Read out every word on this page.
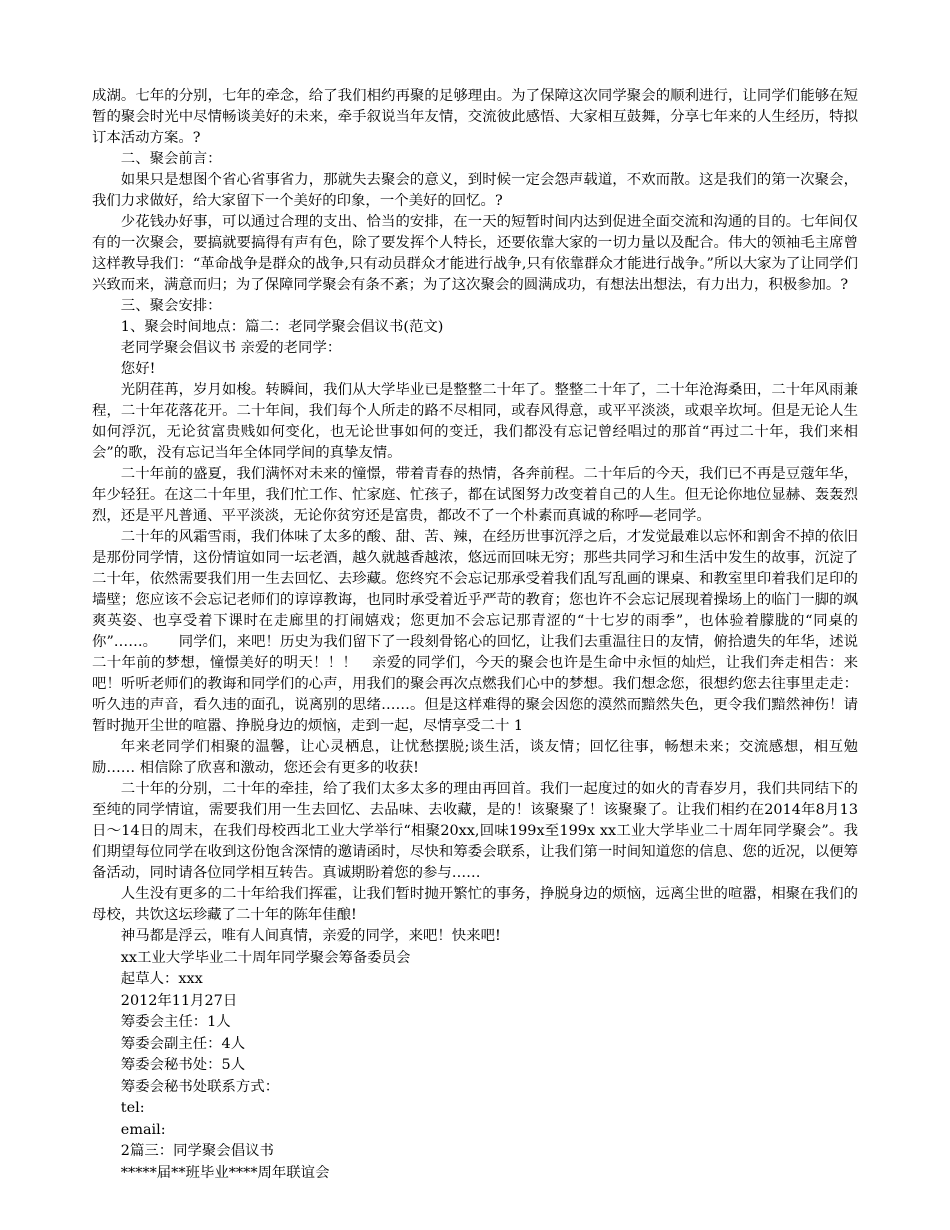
成湖。七年的分别，七年的牵念，给了我们相约再聚的足够理由。为了保障这次同学聚会的顺利进行，让同学们能够在短暂的聚会时光中尽情畅谈美好的未来，牵手叙说当年友情，交流彼此感悟、大家相互鼓舞，分享七年来的人生经历，特拟订本活动方案。?

二、聚会前言：

如果只是想图个省心省事省力，那就失去聚会的意义，到时候一定会怨声载道，不欢而散。这是我们的第一次聚会，我们力求做好，给大家留下一个美好的印象，一个美好的回忆。?

少花钱办好事，可以通过合理的支出、恰当的安排，在一天的短暂时间内达到促进全面交流和沟通的目的。七年间仅有的一次聚会，要搞就要搞得有声有色，除了要发挥个人特长，还要依靠大家的一切力量以及配合。伟大的领袖毛主席曾这样教导我们：“革命战争是群众的战争,只有动员群众才能进行战争,只有依靠群众才能进行战争。”所以大家为了让同学们兴致而来，满意而归；为了保障同学聚会有条不紊；为了这次聚会的圆满成功，有想法出想法，有力出力，积极参加。?

三、聚会安排：

1、聚会时间地点：篇二：老同学聚会倡议书(范文)

老同学聚会倡议书 亲爱的老同学：

您好!

光阴荏苒，岁月如梭。转瞬间，我们从大学毕业已是整整二十年了。整整二十年了，二十年沧海桑田，二十年风雨兼程，二十年花落花开。二十年间，我们每个人所走的路不尽相同，或春风得意，或平平淡淡，或艰辛坎坷。但是无论人生如何浮沉，无论贫富贵贱如何变化，也无论世事如何的变迁，我们都没有忘记曾经唱过的那首“再过二十年，我们来相会”的歌，没有忘记当年全体同学间的真挚友情。

二十年前的盛夏，我们满怀对未来的憧憬，带着青春的热情，各奔前程。二十年后的今天，我们已不再是豆蔻年华，年少轻狂。在这二十年里，我们忙工作、忙家庭、忙孩子，都在试图努力改变着自己的人生。但无论你地位显赫、轰轰烈烈，还是平凡普通、平平淡淡，无论你贫穷还是富贵，都改不了一个朴素而真诚的称呼—老同学。

二十年的风霜雪雨，我们体味了太多的酸、甜、苦、辣，在经历世事沉浮之后，才发觉最难以忘怀和割舍不掉的依旧是那份同学情，这份情谊如同一坛老酒，越久就越香越浓，悠远而回味无穷；那些共同学习和生活中发生的故事，沉淀了二十年，依然需要我们用一生去回忆、去珍藏。您终究不会忘记那承受着我们乱写乱画的课桌、和教室里印着我们足印的墙壁；您应该不会忘记老师们的谆谆教诲，也同时承受着近乎严苛的教育；您也许不会忘记展现着操场上的临门一脚的飒爽英姿、也享受着下课时在走廊里的打闹嬉戏；您更加不会忘记那青涩的“十七岁的雨季”，也体验着朦胧的“同桌的你”……。　　同学们，来吧！历史为我们留下了一段刻骨铭心的回忆，让我们去重温往日的友情，俯拾遗失的年华，述说二十年前的梦想，憧憬美好的明天！！！　亲爱的同学们，今天的聚会也许是生命中永恒的灿烂，让我们奔走相告：来吧！听听老师们的教诲和同学们的心声，用我们的聚会再次点燃我们心中的梦想。我们想念您，很想约您去往事里走走：听久违的声音，看久违的面孔，说离别的思绪……。但是这样难得的聚会因您的漠然而黯然失色，更令我们黯然神伤！请暂时抛开尘世的喧嚣、挣脱身边的烦恼，走到一起，尽情享受二十 1

年来老同学们相聚的温馨，让心灵栖息，让忧愁摆脱;谈生活，谈友情；回忆往事，畅想未来；交流感想，相互勉励…… 相信除了欣喜和激动，您还会有更多的收获!

二十年的分别，二十年的牵挂，给了我们太多太多的理由再回首。我们一起度过的如火的青春岁月，我们共同结下的至纯的同学情谊，需要我们用一生去回忆、去品味、去收藏，是的！该聚聚了！该聚聚了。让我们相约在2014年8月13日～14日的周末，在我们母校西北工业大学举行“相聚20xx,回味199x至199x xx工业大学毕业二十周年同学聚会”。我们期望每位同学在收到这份饱含深情的邀请函时，尽快和筹委会联系，让我们第一时间知道您的信息、您的近况，以便筹备活动，同时请各位同学相互转告。真诚期盼着您的参与……

人生没有更多的二十年给我们挥霍，让我们暂时抛开繁忙的事务，挣脱身边的烦恼，远离尘世的喧嚣，相聚在我们的母校，共饮这坛珍藏了二十年的陈年佳酿!

神马都是浮云，唯有人间真情，亲爱的同学，来吧！快来吧!

xx工业大学毕业二十周年同学聚会筹备委员会

起草人：xxx

2012年11月27日

筹委会主任：1人

筹委会副主任：4人

筹委会秘书处：5人

筹委会秘书处联系方式：

tel:

email:

2篇三：同学聚会倡议书

*****届**班毕业****周年联谊会
